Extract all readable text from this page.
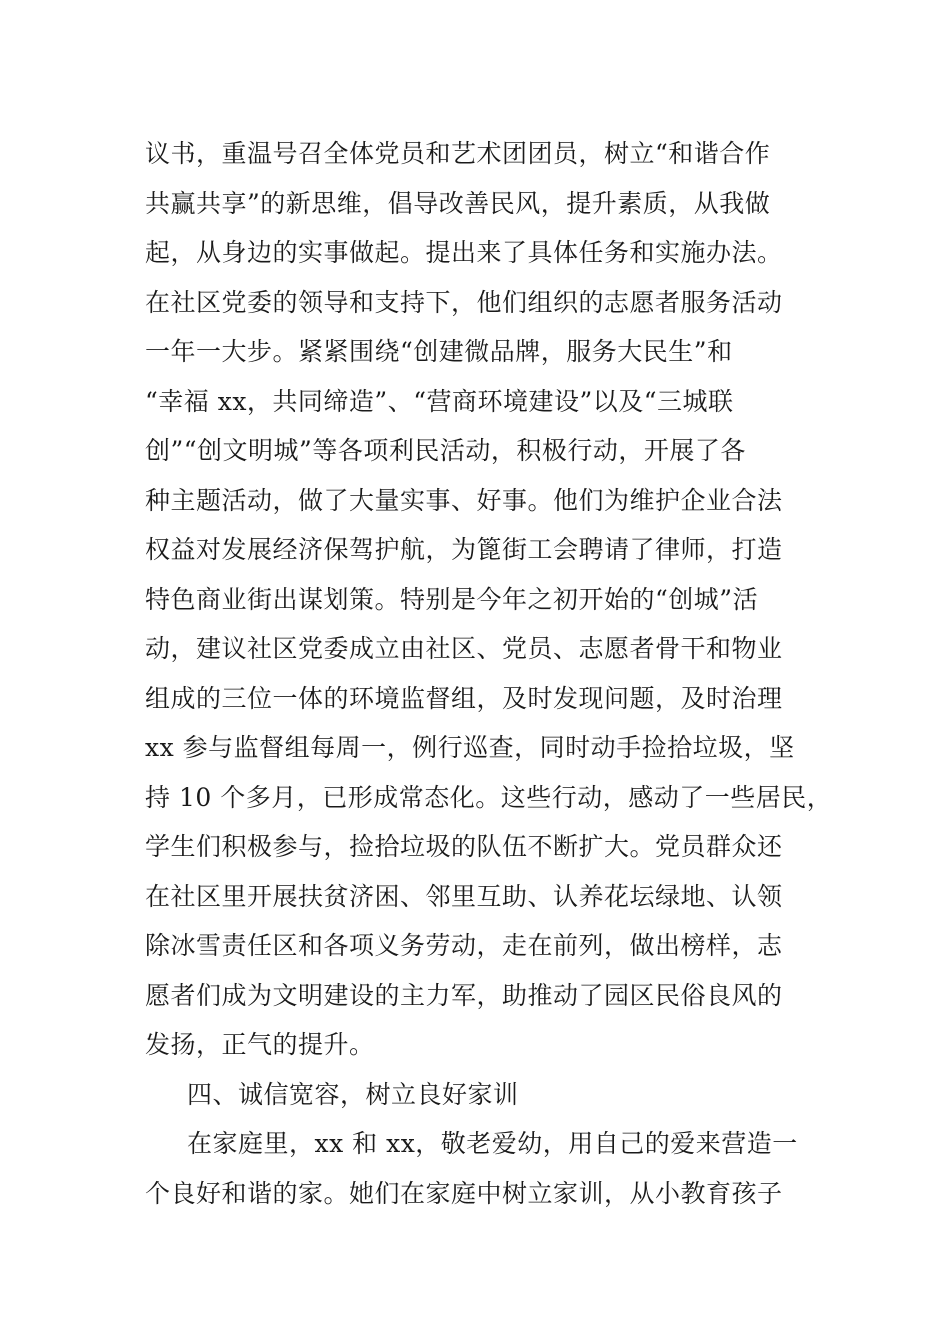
议书，重温号召全体党员和艺术团团员，树立“和谐合作
共赢共享”的新思维，倡导改善民风，提升素质，从我做
起，从身边的实事做起。提出来了具体任务和实施办法。
在社区党委的领导和支持下，他们组织的志愿者服务活动
一年一大步。紧紧围绕“创建微品牌，服务大民生”和
“幸福 xx，共同缔造”、“营商环境建设”以及“三城联
创”“创文明城”等各项利民活动，积极行动，开展了各
种主题活动，做了大量实事、好事。他们为维护企业合法
权益对发展经济保驾护航，为篦街工会聘请了律师，打造
特色商业街出谋划策。特别是今年之初开始的“创城”活
动，建议社区党委成立由社区、党员、志愿者骨干和物业
组成的三位一体的环境监督组，及时发现问题，及时治理
xx 参与监督组每周一，例行巡查，同时动手捡拾垃圾，坚
持 10 个多月，已形成常态化。这些行动，感动了一些居民，
学生们积极参与，捡拾垃圾的队伍不断扩大。党员群众还
在社区里开展扶贫济困、邻里互助、认养花坛绿地、认领
除冰雪责任区和各项义务劳动，走在前列，做出榜样，志
愿者们成为文明建设的主力军，助推动了园区民俗良风的
发扬，正气的提升。
四、诚信宽容，树立良好家训
在家庭里，xx 和 xx，敬老爱幼，用自己的爱来营造一
个良好和谐的家。她们在家庭中树立家训，从小教育孩子
